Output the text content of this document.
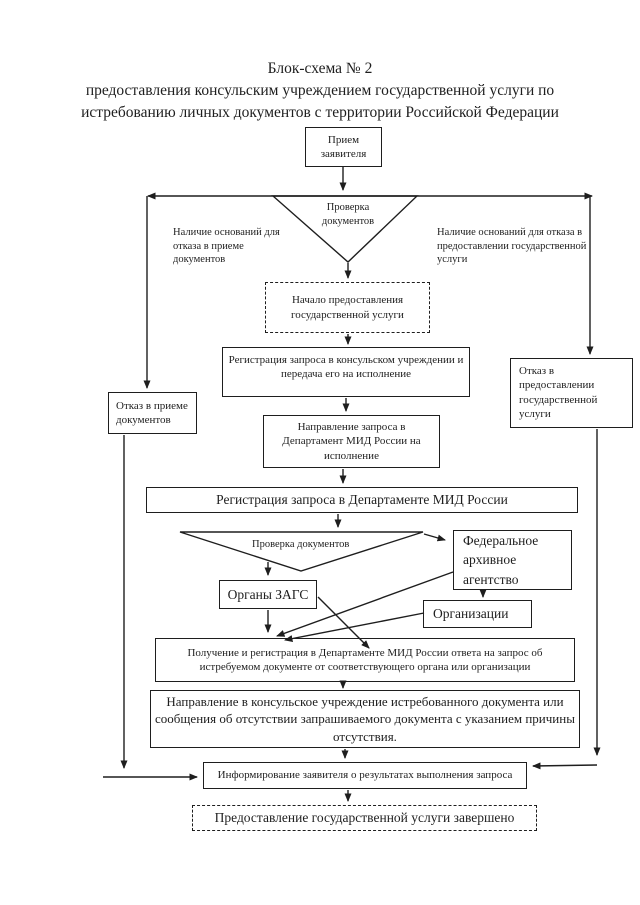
Блок-схема № 2
предоставления консульским учреждением государственной услуги по
истребованию личных документов с территории Российской Федерации
Прием заявителя
Проверка документов
Наличие оснований для отказа в приеме документов
Наличие оснований для отказа в предоставлении государственной услуги
Начало предоставления государственной услуги
Регистрация запроса в консульском учреждении и передача его на исполнение
Отказ в приеме документов
Отказ в предоставлении государственной услуги
Направление запроса в Департамент МИД России на исполнение
Регистрация запроса в Департаменте МИД России
Проверка документов
Органы ЗАГС
Федеральное архивное агентство
Организации
Получение и регистрация в Департаменте МИД России ответа на запрос об истребуемом документе от соответствующего органа или организации
Направление в консульское учреждение истребованного документа или сообщения об отсутствии запрашиваемого документа с указанием причины отсутствия.
Информирование заявителя о результатах выполнения запроса
Предоставление государственной услуги завершено
